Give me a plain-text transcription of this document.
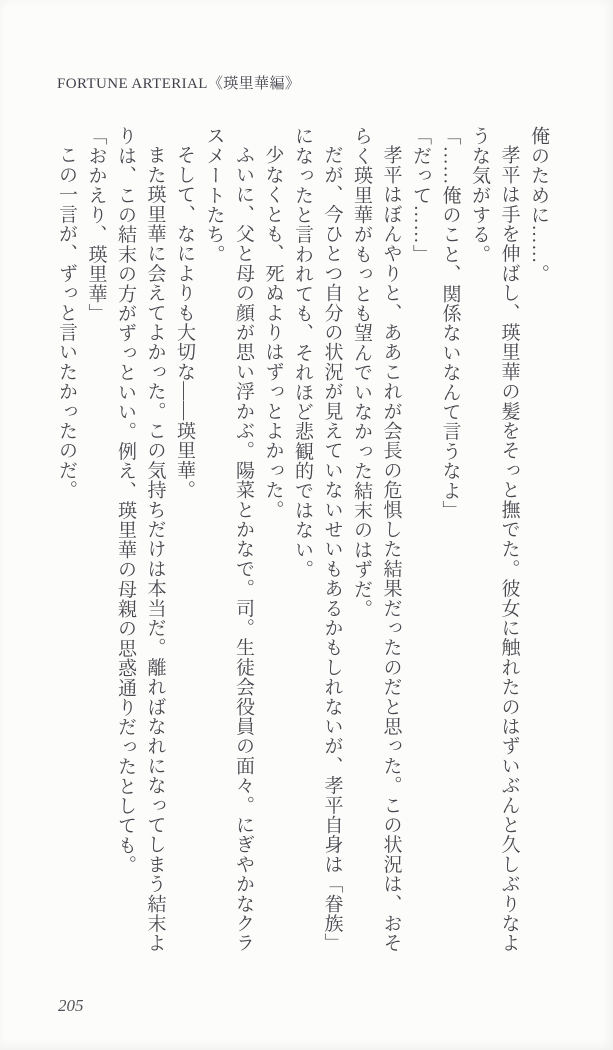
FORTUNE ARTERIAL《瑛里華編》

俺のために……。

孝平は手を伸ばし、瑛里華の髪をそっと撫でた。彼女に触れたのはずいぶんと久しぶりなような気がする。

「……俺のこと、関係ないなんて言うなよ」

「だって……」

孝平はぼんやりと、ああこれが会長の危惧した結果だったのだと思った。この状況は、おそらく瑛里華がもっとも望んでいなかった結末のはずだ。

だが、今ひとつ自分の状況が見えていないせいもあるかもしれないが、孝平自身は「眷族」になったと言われても、それほど悲観的ではない。

少なくとも、死ぬよりはずっとよかった。

ふいに、父と母の顔が思い浮かぶ。陽菜とかなで。司。生徒会役員の面々。にぎやかなクラスメートたち。

そして、なによりも大切な――瑛里華。

また瑛里華に会えてよかった。この気持ちだけは本当だ。離ればなれになってしまう結末よりは、この結末の方がずっといい。例え、瑛里華の母親の思惑通りだったとしても。

「おかえり、瑛里華」

この一言が、ずっと言いたかったのだ。

205
